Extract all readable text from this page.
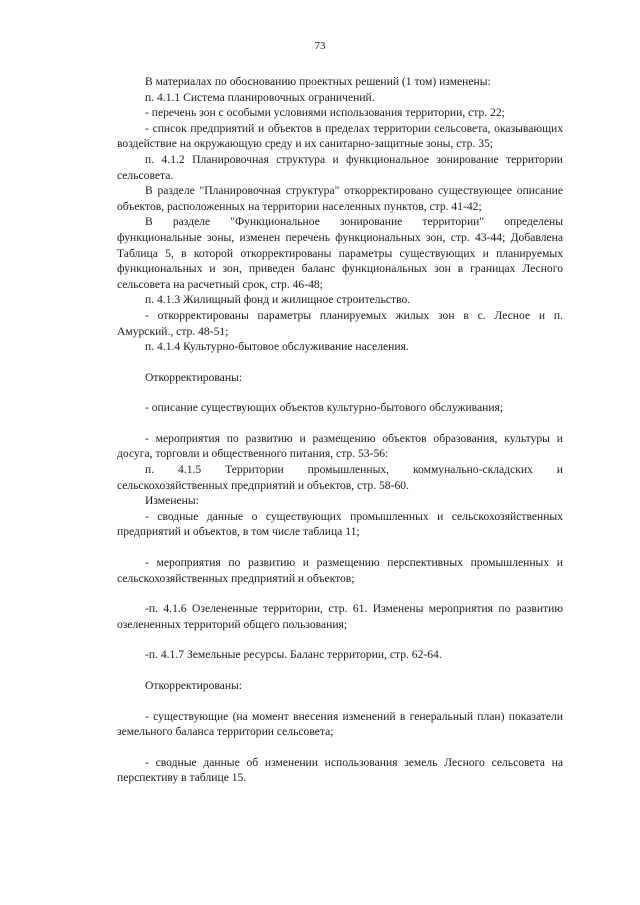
73

В материалах по обоснованию проектных решений (1 том) изменены:

п. 4.1.1 Система планировочных ограничений.

- перечень зон с особыми условиями использования территории, стр. 22;

- список предприятий и объектов в пределах территории сельсовета, оказывающих воздействие на окружающую среду и их санитарно-защитные зоны, стр. 35;

п. 4.1.2 Планировочная структура и функциональное зонирование территории сельсовета.

В разделе "Планировочная структура" откорректировано существующее описание объектов, расположенных на территории населенных пунктов, стр. 41-42;

В разделе "Функциональное зонирование территории" определены функциональные зоны, изменен перечень функциональных зон, стр. 43-44; Добавлена Таблица 5, в которой откорректированы параметры существующих и планируемых функциональных и зон, приведен баланс функциональных зон в границах Лесного сельсовета на расчетный срок, стр. 46-48;

п. 4.1.3 Жилищный фонд и жилищное строительство.

- откорректированы параметры планируемых жилых зон в с. Лесное и п. Амурский., стр. 48-51;

п. 4.1.4 Культурно-бытовое обслуживание населения.

Откорректированы:

- описание существующих объектов культурно-бытового обслуживания;

- мероприятия по развитию и размещению объектов образования, культуры и досуга, торговли и общественного питания, стр. 53-56:

п. 4.1.5 Территории промышленных, коммунально-складских и сельскохозяйственных предприятий и объектов, стр. 58-60.

Изменены:

- сводные данные о существующих промышленных и сельскохозяйственных предприятий и объектов, в том числе таблица 11;

- мероприятия по развитию и размещению перспективных промышленных и сельскохозяйственных предприятий и объектов;

-п. 4.1.6 Озелененные территории, стр. 61. Изменены мероприятия по развитию озелененных территорий общего пользования;

-п. 4.1.7 Земельные ресурсы. Баланс территории, стр. 62-64.

Откорректированы:

- существующие (на момент внесения изменений в генеральный план) показатели земельного баланса территории сельсовета;

- сводные данные об изменении использования земель Лесного сельсовета на перспективу в таблице 15.
